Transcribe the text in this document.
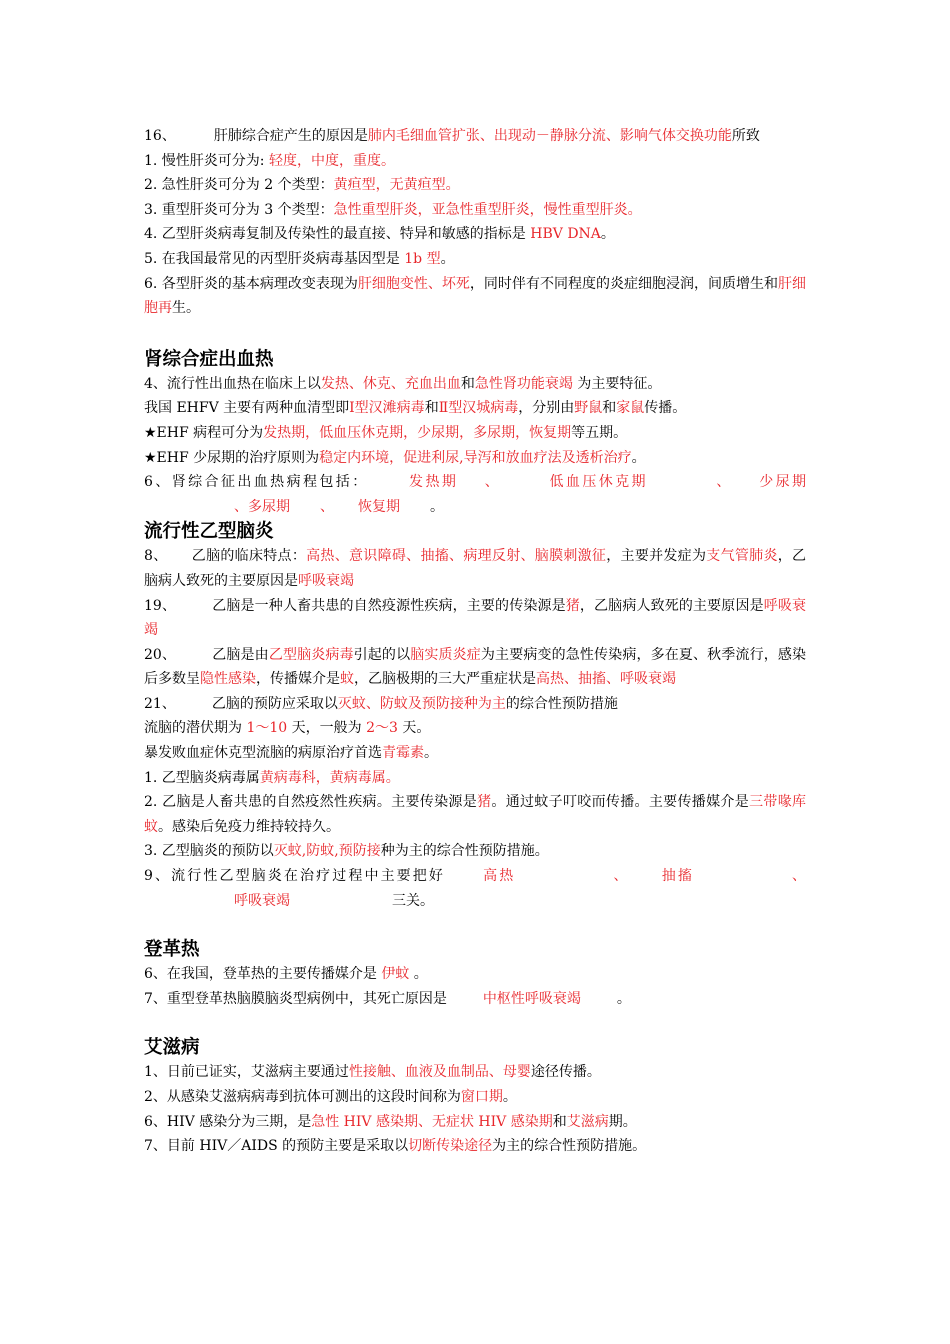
16、	肝肺综合症产生的原因是肺内毛细血管扩张、出现动－静脉分流、影响气体交换功能所致

1. 慢性肝炎可分为: 轻度，中度，重度。

2. 急性肝炎可分为 2 个类型：黄疸型，无黄疸型。

3. 重型肝炎可分为 3 个类型：急性重型肝炎，亚急性重型肝炎，慢性重型肝炎。

4. 乙型肝炎病毒复制及传染性的最直接、特异和敏感的指标是 HBV DNA。

5. 在我国最常见的丙型肝炎病毒基因型是 1b 型。

6. 各型肝炎的基本病理改变表现为肝细胞变性、坏死，同时伴有不同程度的炎症细胞浸润，间质增生和肝细胞再生。

肾综合症出血热

4、流行性出血热在临床上以发热、休克、充血出血和急性肾功能衰竭 为主要特征。

我国 EHFV 主要有两种血清型即Ⅰ型汉滩病毒和Ⅱ型汉城病毒，分别由野鼠和家鼠传播。

★EHF 病程可分为发热期，低血压休克期，少尿期，多尿期，恢复期等五期。

★EHF 少尿期的治疗原则为稳定内环境，促进利尿,导泻和放血疗法及透析治疗。

6、肾综合征出血热病程包括：	发热期 、	低血压休克期	、 少尿期、多尿期 、 恢复期 。

流行性乙型脑炎

8、 乙脑的临床特点：高热、意识障碍、抽搐、病理反射、脑膜刺激征，主要并发症为支气管肺炎，乙脑病人致死的主要原因是呼吸衰竭

19、	乙脑是一种人畜共患的自然疫源性疾病，主要的传染源是猪，乙脑病人致死的主要原因是呼吸衰竭

20、	乙脑是由乙型脑炎病毒引起的以脑实质炎症为主要病变的急性传染病，多在夏、秋季流行，感染后多数呈隐性感染，传播媒介是蚊，乙脑极期的三大严重症状是高热、抽搐、呼吸衰竭

21、	乙脑的预防应采取以灭蚊、防蚊及预防接种为主的综合性预防措施

流脑的潜伏期为 1～10 天，一般为 2～3 天。

暴发败血症休克型流脑的病原治疗首选青霉素。

1. 乙型脑炎病毒属黄病毒科，黄病毒属。

2. 乙脑是人畜共患的自然疫然性疾病。主要传染源是猪。通过蚊子叮咬而传播。主要传播媒介是三带喙库蚊。感染后免疫力维持较持久。

3. 乙型脑炎的预防以灭蚊,防蚊,预防接种为主的综合性预防措施。

9、流行性乙型脑炎在治疗过程中主要把好	高热	、 抽搐	、呼吸衰竭	三关。

登革热

6、在我国，登革热的主要传播媒介是 伊蚊 。

7、重型登革热脑膜脑炎型病例中，其死亡原因是	中枢性呼吸衰竭	。

艾滋病

1、日前已证实，艾滋病主要通过性接触、血液及血制品、母婴途径传播。

2、从感染艾滋病病毒到抗体可测出的这段时间称为窗口期。

6、HIV 感染分为三期，是急性 HIV 感染期、无症状 HIV 感染期和艾滋病期。

7、目前 HIV／AIDS 的预防主要是采取以切断传染途径为主的综合性预防措施。
